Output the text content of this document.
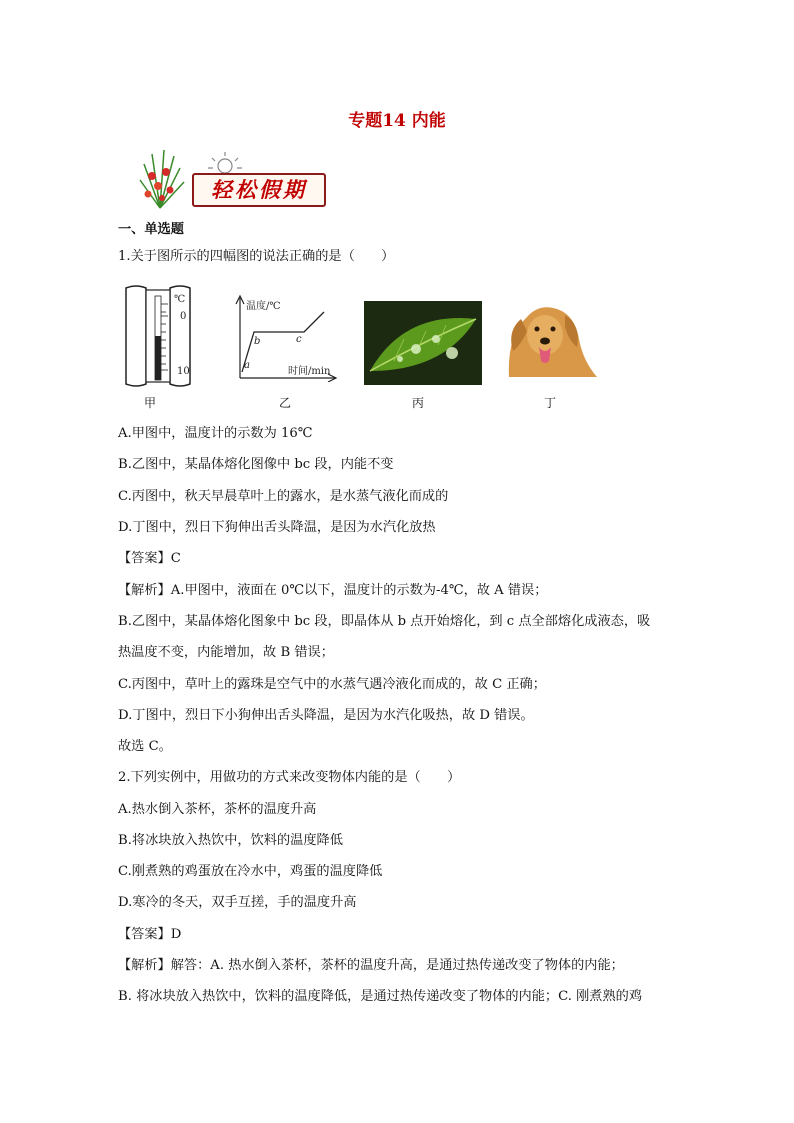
专题14 内能
轻松假期
一、单选题
1.关于图所示的四幅图的说法正确的是（　　）
℃
0
10
温度/℃
时间/min
a
b	c
甲	乙	丙	丁
A.甲图中，温度计的示数为 16℃
B.乙图中，某晶体熔化图像中 bc 段，内能不变
C.丙图中，秋天早晨草叶上的露水，是水蒸气液化而成的
D.丁图中，烈日下狗伸出舌头降温，是因为水汽化放热
【答案】C
【解析】A.甲图中，液面在 0℃以下，温度计的示数为-4℃，故 A 错误；
B.乙图中，某晶体熔化图象中 bc 段，即晶体从 b 点开始熔化，到 c 点全部熔化成液态，吸
热温度不变，内能增加，故 B 错误；
C.丙图中，草叶上的露珠是空气中的水蒸气遇冷液化而成的，故 C 正确；
D.丁图中，烈日下小狗伸出舌头降温，是因为水汽化吸热，故 D 错误。
故选 C。
2.下列实例中，用做功的方式来改变物体内能的是（　　）
A.热水倒入茶杯，茶杯的温度升高
B.将冰块放入热饮中，饮料的温度降低
C.刚煮熟的鸡蛋放在冷水中，鸡蛋的温度降低
D.寒冷的冬天，双手互搓，手的温度升高
【答案】D
【解析】解答：A. 热水倒入茶杯，茶杯的温度升高，是通过热传递改变了物体的内能；
B. 将冰块放入热饮中，饮料的温度降低，是通过热传递改变了物体的内能；C. 刚煮熟的鸡
